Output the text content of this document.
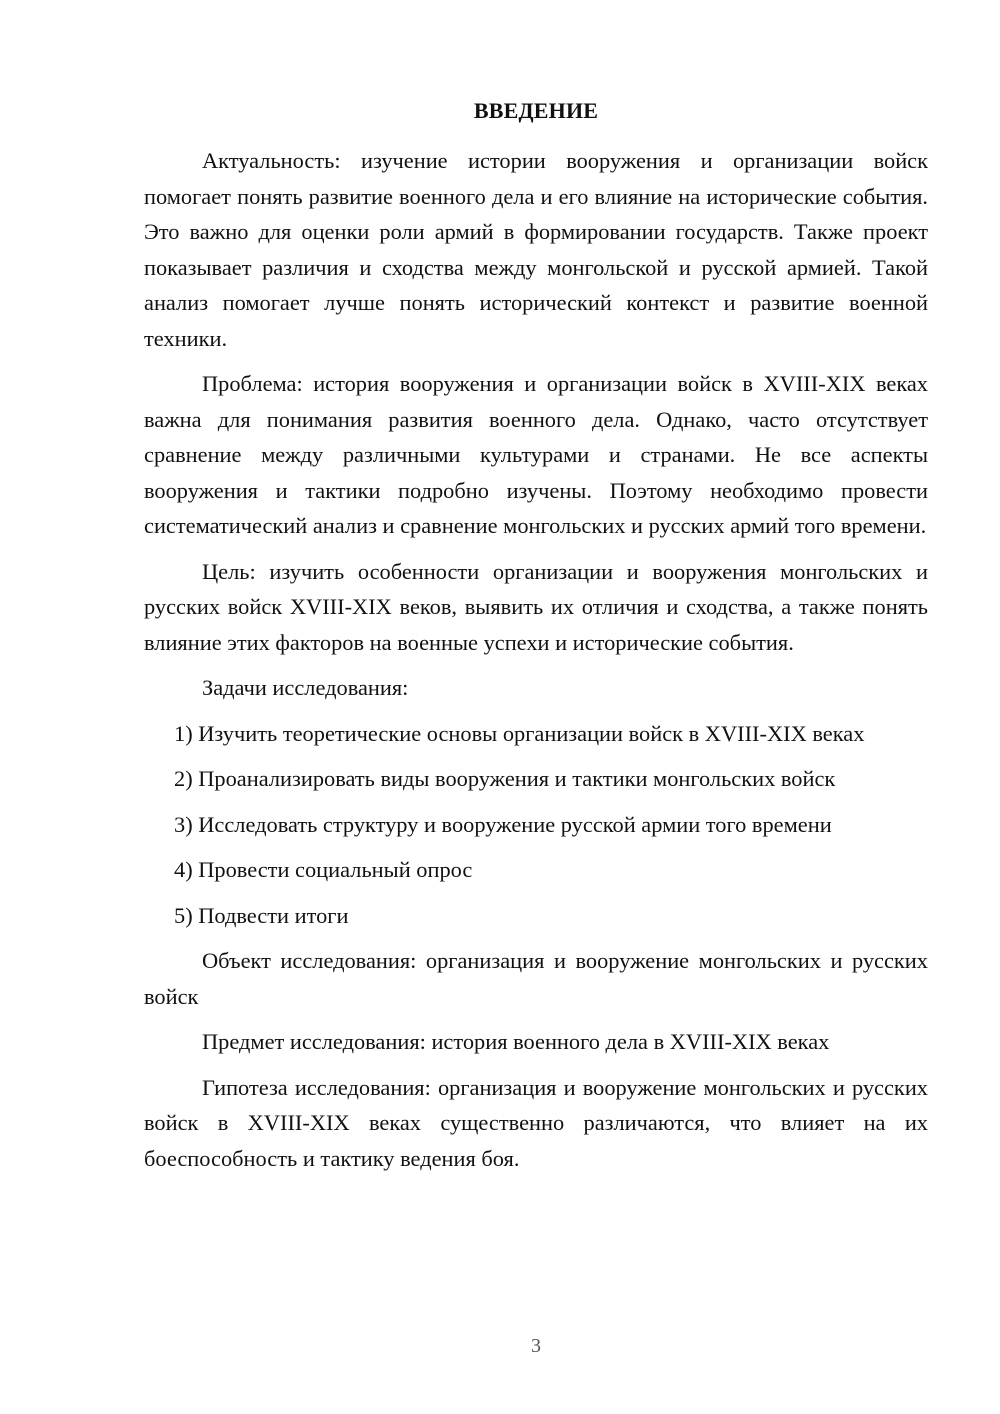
ВВЕДЕНИЕ

Актуальность: изучение истории вооружения и организации войск помогает понять развитие военного дела и его влияние на исторические события. Это важно для оценки роли армий в формировании государств. Также проект показывает различия и сходства между монгольской и русской армией. Такой анализ помогает лучше понять исторический контекст и развитие военной техники.

Проблема: история вооружения и организации войск в XVIII-XIX веках важна для понимания развития военного дела. Однако, часто отсутствует сравнение между различными культурами и странами. Не все аспекты вооружения и тактики подробно изучены. Поэтому необходимо провести систематический анализ и сравнение монгольских и русских армий того времени.

Цель: изучить особенности организации и вооружения монгольских и русских войск XVIII-XIX веков, выявить их отличия и сходства, а также понять влияние этих факторов на военные успехи и исторические события.

Задачи исследования:

1) Изучить теоретические основы организации войск в XVIII-XIX веках

2) Проанализировать виды вооружения и тактики монгольских войск

3) Исследовать структуру и вооружение русской армии того времени

4) Провести социальный опрос

5) Подвести итоги

Объект исследования: организация и вооружение монгольских и русских войск

Предмет исследования: история военного дела в XVIII-XIX веках

Гипотеза исследования: организация и вооружение монгольских и русских войск в XVIII-XIX веках существенно различаются, что влияет на их боеспособность и тактику ведения боя.

3
